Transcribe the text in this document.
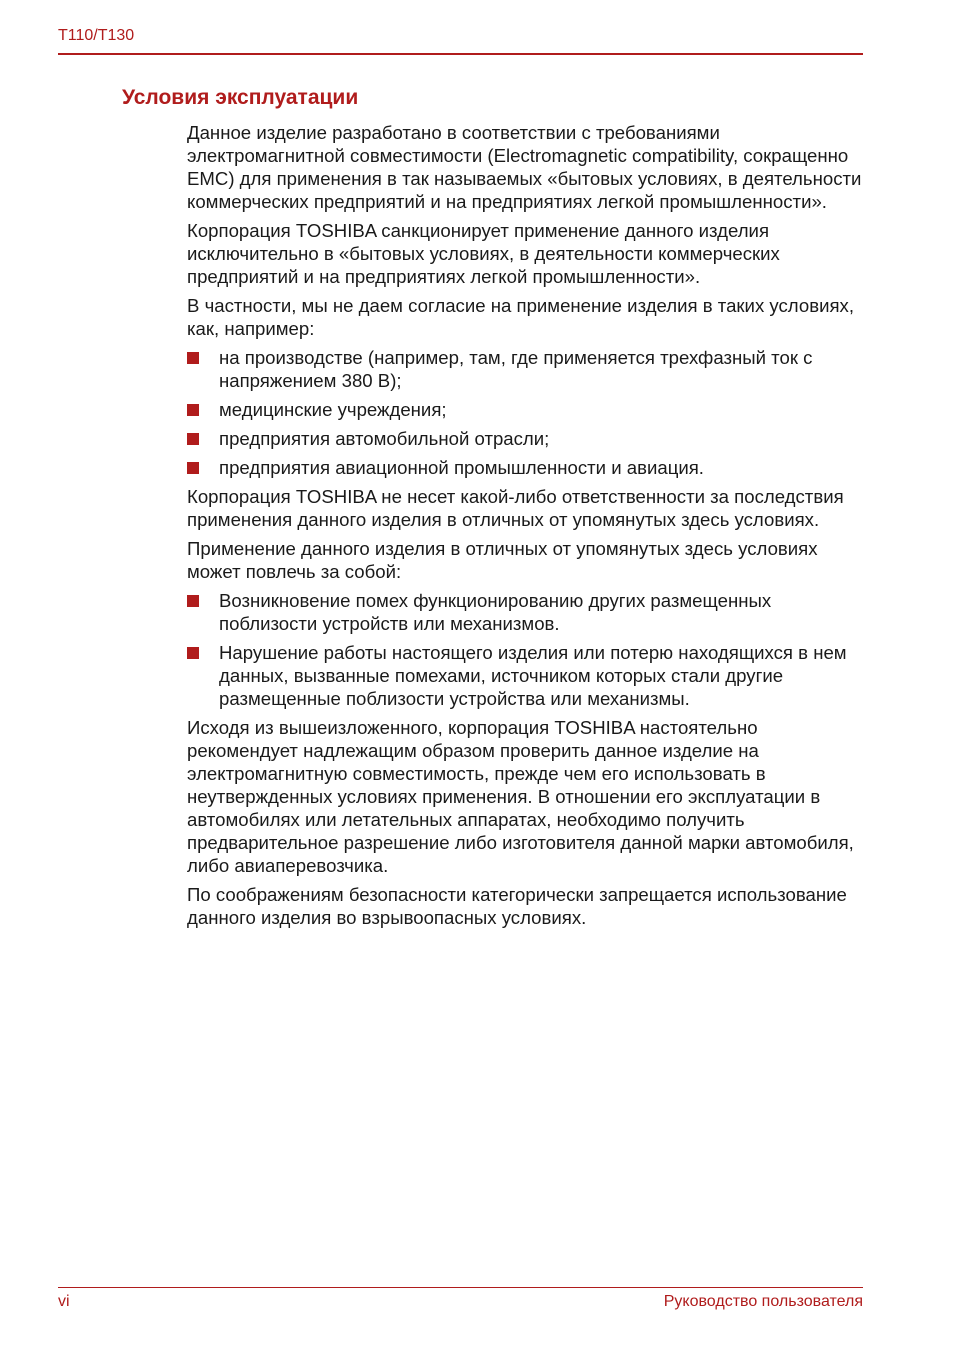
T110/T130
Условия эксплуатации

Данное изделие разработано в соответствии с требованиями электромагнитной совместимости (Electromagnetic compatibility, сокращенно EMC) для применения в так называемых «бытовых условиях, в деятельности коммерческих предприятий и на предприятиях легкой промышленности».

Корпорация TOSHIBA санкционирует применение данного изделия исключительно в «бытовых условиях, в деятельности коммерческих предприятий и на предприятиях легкой промышленности».

В частности, мы не даем согласие на применение изделия в таких условиях, как, например:

на производстве (например, там, где применяется трехфазный ток с напряжением 380 В);
медицинские учреждения;
предприятия автомобильной отрасли;
предприятия авиационной промышленности и авиация.

Корпорация TOSHIBA не несет какой-либо ответственности за последствия применения данного изделия в отличных от упомянутых здесь условиях.

Применение данного изделия в отличных от упомянутых здесь условиях может повлечь за собой:

Возникновение помех функционированию других размещенных поблизости устройств или механизмов.
Нарушение работы настоящего изделия или потерю находящихся в нем данных, вызванные помехами, источником которых стали другие размещенные поблизости устройства или механизмы.

Исходя из вышеизложенного, корпорация TOSHIBA настоятельно рекомендует надлежащим образом проверить данное изделие на электромагнитную совместимость, прежде чем его использовать в неутвержденных условиях применения. В отношении его эксплуатации в автомобилях или летательных аппаратах, необходимо получить предварительное разрешение либо изготовителя данной марки автомобиля, либо авиаперевозчика.

По соображениям безопасности категорически запрещается использование данного изделия во взрывоопасных условиях.

vi	Руководство пользователя
